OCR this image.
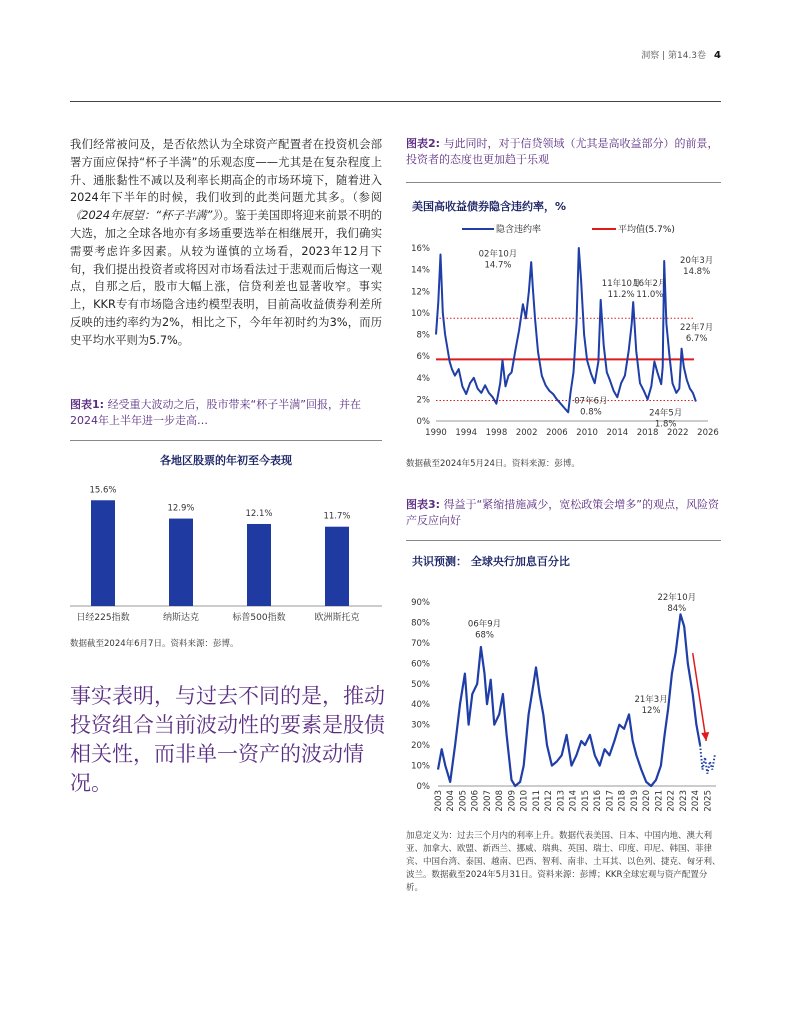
洞察 | 第14.3卷 4
我们经常被问及，是否依然认为全球资产配置者在投资机会部署方面应保持“杯子半满”的乐观态度——尤其是在复杂程度上升、通胀黏性不减以及利率长期高企的市场环境下，随着进入2024年下半年的时候，我们收到的此类问题尤其多。（参阅《2024年展望：“杯子半满”》）。鉴于美国即将迎来前景不明的大选，加之全球各地亦有多场重要选举在相继展开，我们确实需要考虑许多因素。从较为谨慎的立场看，2023年12月下旬，我们提出投资者或将因对市场看法过于悲观而后悔这一观点，自那之后，股市大幅上涨，信贷利差也显著收窄。事实上，KKR专有市场隐含违约模型表明，目前高收益债券利差所反映的违约率约为2%，相比之下，今年年初时约为3%，而历史平均水平则为5.7%。
图表1: 经受重大波动之后，股市带来“杯子半满”回报，并在2024年上半年进一步走高…
各地区股票的年初至今表现
15.6%
日经225指数
12.9%
纳斯达克
12.1%
标普500指数
11.7%
欧洲斯托克
数据截至2024年6月7日。资料来源：彭博。
事实表明，与过去不同的是，推动投资组合当前波动性的要素是股债相关性，而非单一资产的波动情况。
图表2: 与此同时，对于信贷领域（尤其是高收益部分）的前景，投资者的态度也更加趋于乐观
美国高收益债券隐含违约率，%
隐含违约率	平均值(5.7%)
0%
2%
4%
6%
8%
10%
12%
14%
16%
1990 1994 1998 2002 2006 2010 2014 2018 2022 2026
02年10月
14.7%
11年10月
11.2%
16年2月
11.0%
20年3月
14.8%
22年7月
6.7%
07年6月
0.8%	24年5月
1.8%
数据截至2024年5月24日。资料来源：彭博。
图表3: 得益于“紧缩措施减少，宽松政策会增多”的观点，风险资产反应向好
共识预测： 全球央行加息百分比
0%
10%
20%
30%
40%
50%
60%
70%
80%
90%
2003 2004 2005 2006 2007 2008 2009 2010 2011 2012 2013 2014 2015 2016 2017 2018 2019 2020 2021 2022 2023 2024 2025
06年9月
68%
21年3月
12%
22年10月
84%
加息定义为：过去三个月内的利率上升。数据代表美国、日本、中国内地、澳大利亚、加拿大、欧盟、新西兰、挪威、瑞典、英国、瑞士、印度、印尼、韩国、菲律宾、中国台湾、泰国、越南、巴西、智利、南非、土耳其、以色列、捷克、匈牙利、波兰。数据截至2024年5月31日。资料来源：彭博；KKR全球宏观与资产配置分析。
